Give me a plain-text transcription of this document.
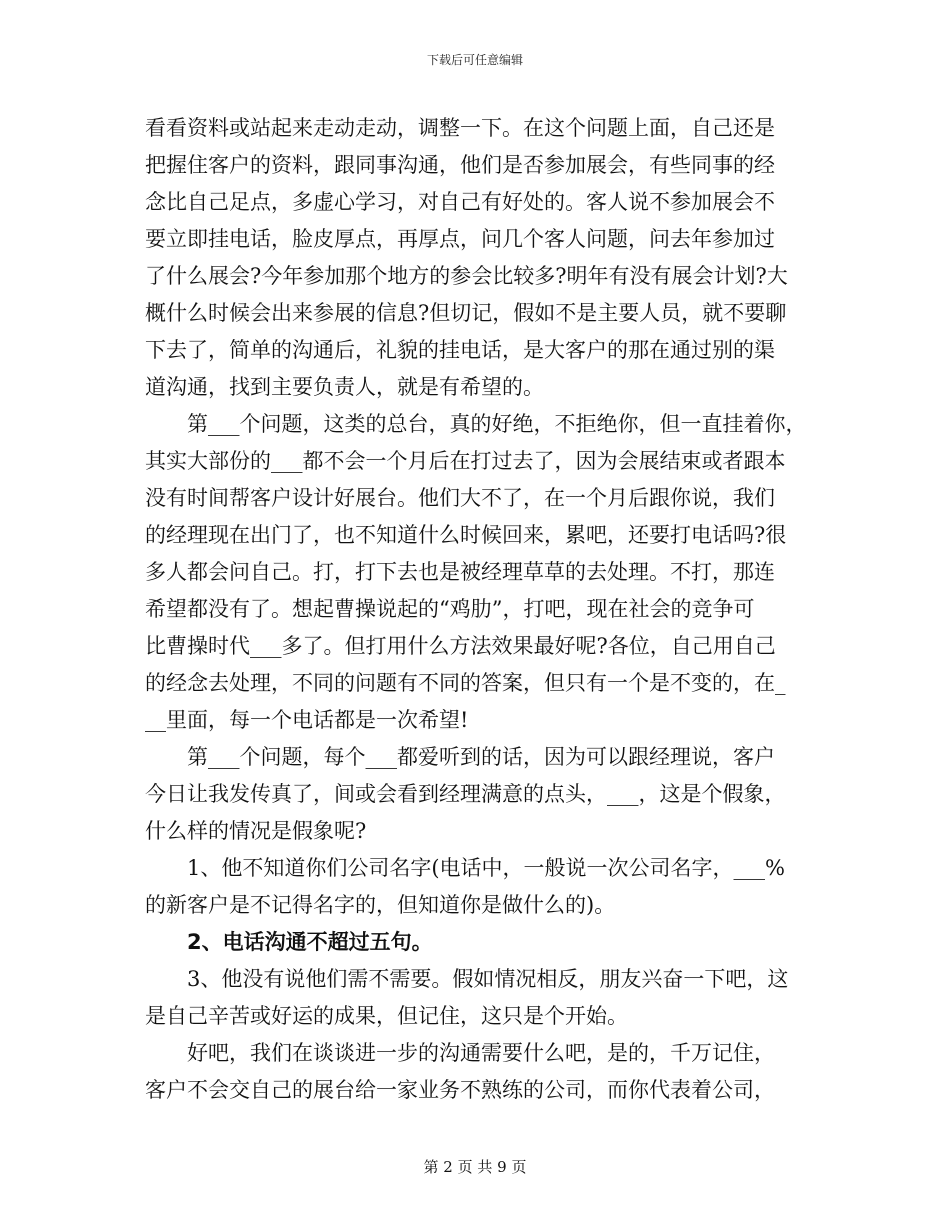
下载后可任意编辑
看看资料或站起来走动走动，调整一下。在这个问题上面，自己还是
把握住客户的资料，跟同事沟通，他们是否参加展会，有些同事的经
念比自己足点，多虚心学习，对自己有好处的。客人说不参加展会不
要立即挂电话，脸皮厚点，再厚点，问几个客人问题，问去年参加过
了什么展会?今年参加那个地方的参会比较多?明年有没有展会计划?大
概什么时候会出来参展的信息?但切记，假如不是主要人员，就不要聊
下去了，简单的沟通后，礼貌的挂电话，是大客户的那在通过别的渠
道沟通，找到主要负责人，就是有希望的。
第___个问题，这类的总台，真的好绝，不拒绝你，但一直挂着你，
其实大部份的___都不会一个月后在打过去了，因为会展结束或者跟本
没有时间帮客户设计好展台。他们大不了，在一个月后跟你说，我们
的经理现在出门了，也不知道什么时候回来，累吧，还要打电话吗?很
多人都会问自己。打，打下去也是被经理草草的去处理。不打，那连
希望都没有了。想起曹操说起的“鸡肋”，打吧，现在社会的竞争可
比曹操时代___多了。但打用什么方法效果最好呢?各位，自己用自己
的经念去处理，不同的问题有不同的答案，但只有一个是不变的，在_
__里面，每一个电话都是一次希望!
第___个问题，每个___都爱听到的话，因为可以跟经理说，客户
今日让我发传真了，间或会看到经理满意的点头，___，这是个假象，
什么样的情况是假象呢?
1、他不知道你们公司名字(电话中，一般说一次公司名字，___%
的新客户是不记得名字的，但知道你是做什么的)。
2、电话沟通不超过五句。
3、他没有说他们需不需要。假如情况相反，朋友兴奋一下吧，这
是自己辛苦或好运的成果，但记住，这只是个开始。
好吧，我们在谈谈进一步的沟通需要什么吧，是的，千万记住，
客户不会交自己的展台给一家业务不熟练的公司，而你代表着公司，
第 2 页 共 9 页
